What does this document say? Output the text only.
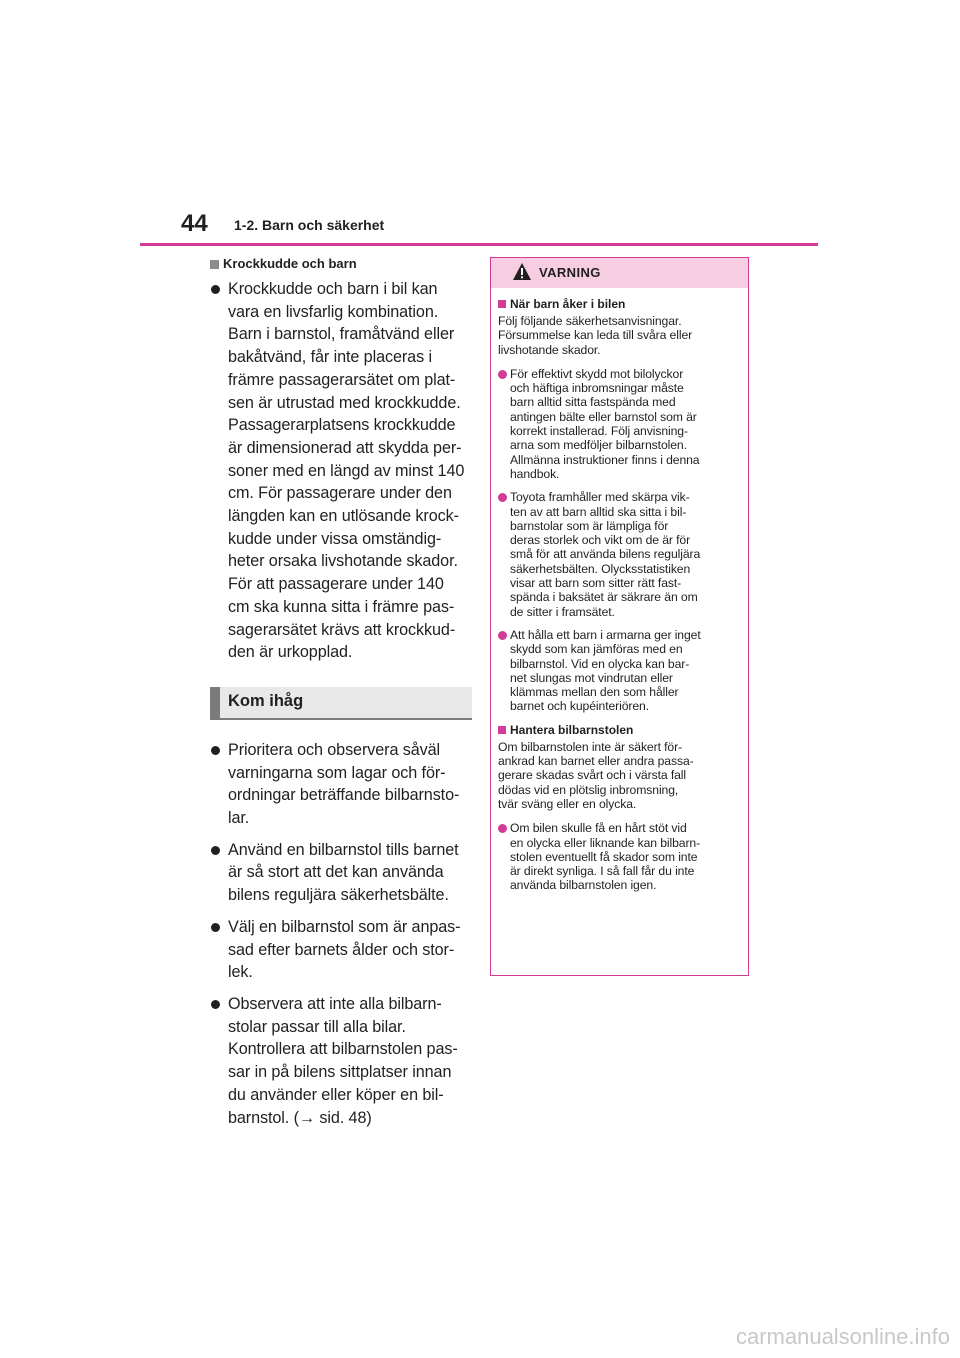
44 1-2. Barn och säkerhet
Krockkudde och barn
Krockkudde och barn i bil kan
vara en livsfarlig kombination.
Barn i barnstol, framåtvänd eller
bakåtvänd, får inte placeras i
främre passagerarsätet om plat-
sen är utrustad med krockkudde.
Passagerarplatsens krockkudde
är dimensionerad att skydda per-
soner med en längd av minst 140
cm. För passagerare under den
längden kan en utlösande krock-
kudde under vissa omständig-
heter orsaka livshotande skador.
För att passagerare under 140
cm ska kunna sitta i främre pas-
sagerarsätet krävs att krockkud-
den är urkopplad.
Kom ihåg
Prioritera och observera såväl
varningarna som lagar och för-
ordningar beträffande bilbarnsto-
lar.
Använd en bilbarnstol tills barnet
är så stort att det kan använda
bilens reguljära säkerhetsbälte.
Välj en bilbarnstol som är anpas-
sad efter barnets ålder och stor-
lek.
Observera att inte alla bilbarn-
stolar passar till alla bilar.
Kontrollera att bilbarnstolen pas-
sar in på bilens sittplatser innan
du använder eller köper en bil-
barnstol. (→ sid. 48)
VARNING
När barn åker i bilen
Följ följande säkerhetsanvisningar.
Försummelse kan leda till svåra eller
livshotande skador.
För effektivt skydd mot bilolyckor
och häftiga inbromsningar måste
barn alltid sitta fastspända med
antingen bälte eller barnstol som är
korrekt installerad. Följ anvisning-
arna som medföljer bilbarnstolen.
Allmänna instruktioner finns i denna
handbok.
Toyota framhåller med skärpa vik-
ten av att barn alltid ska sitta i bil-
barnstolar som är lämpliga för
deras storlek och vikt om de är för
små för att använda bilens reguljära
säkerhetsbälten. Olycksstatistiken
visar att barn som sitter rätt fast-
spända i baksätet är säkrare än om
de sitter i framsätet.
Att hålla ett barn i armarna ger inget
skydd som kan jämföras med en
bilbarnstol. Vid en olycka kan bar-
net slungas mot vindrutan eller
klämmas mellan den som håller
barnet och kupéinteriören.
Hantera bilbarnstolen
Om bilbarnstolen inte är säkert för-
ankrad kan barnet eller andra passa-
gerare skadas svårt och i värsta fall
dödas vid en plötslig inbromsning,
tvär sväng eller en olycka.
Om bilen skulle få en hårt stöt vid
en olycka eller liknande kan bilbarn-
stolen eventuellt få skador som inte
är direkt synliga. I så fall får du inte
använda bilbarnstolen igen.
carmanualsonline.info
